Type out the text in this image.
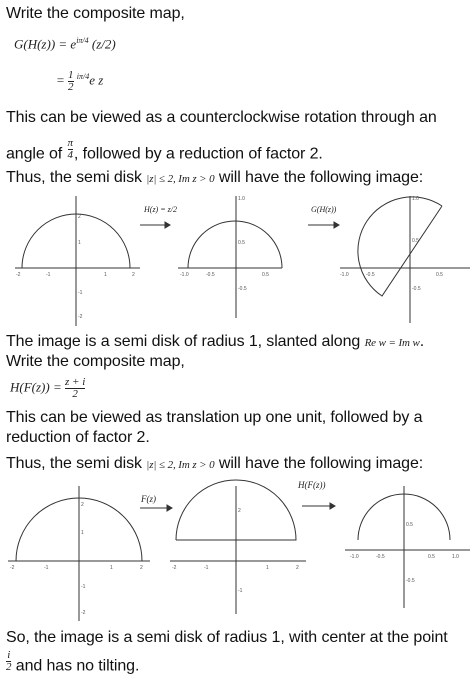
Write the composite map,
$G(H(z)) = e^{i\pi/4}$ (z/2)
= $\frac{1}{2} ^{i\pi/4}e$ z
This can be viewed as a counterclockwise rotation through an
angle of $\frac{\pi}{4}$ , followed by a reduction of factor 2.
Thus, the semi disk |z| ≤ 2, Im z > 0 will have the following image:
-2	-1	1	2
2
1
-1
-2
-1.0	-0.5	0.5
1.0
0.5
-0.5
-1.0	-0.5	0.5
1.0
0.5
-0.5
H(z) = z/2	G(H(z))
The image is a semi disk of radius 1, slanted along Re w = Im w.
Write the composite map,
$H(F(z)) = \frac{z + i}{2}$
This can be viewed as translation up one unit, followed by a
reduction of factor 2.
Thus, the semi disk |z| ≤ 2, Im z > 0 will have the following image:
-2	-1	1	2
2
1
-1
-2
-2	-1	1	2
2
-1
-1.0	-0.5	0.5	1.0
0.5
-0.5
F(z)
H(F(z))
So, the image is a semi disk of radius 1, with center at the point
$\frac{i}{2}$ and has no tilting.
